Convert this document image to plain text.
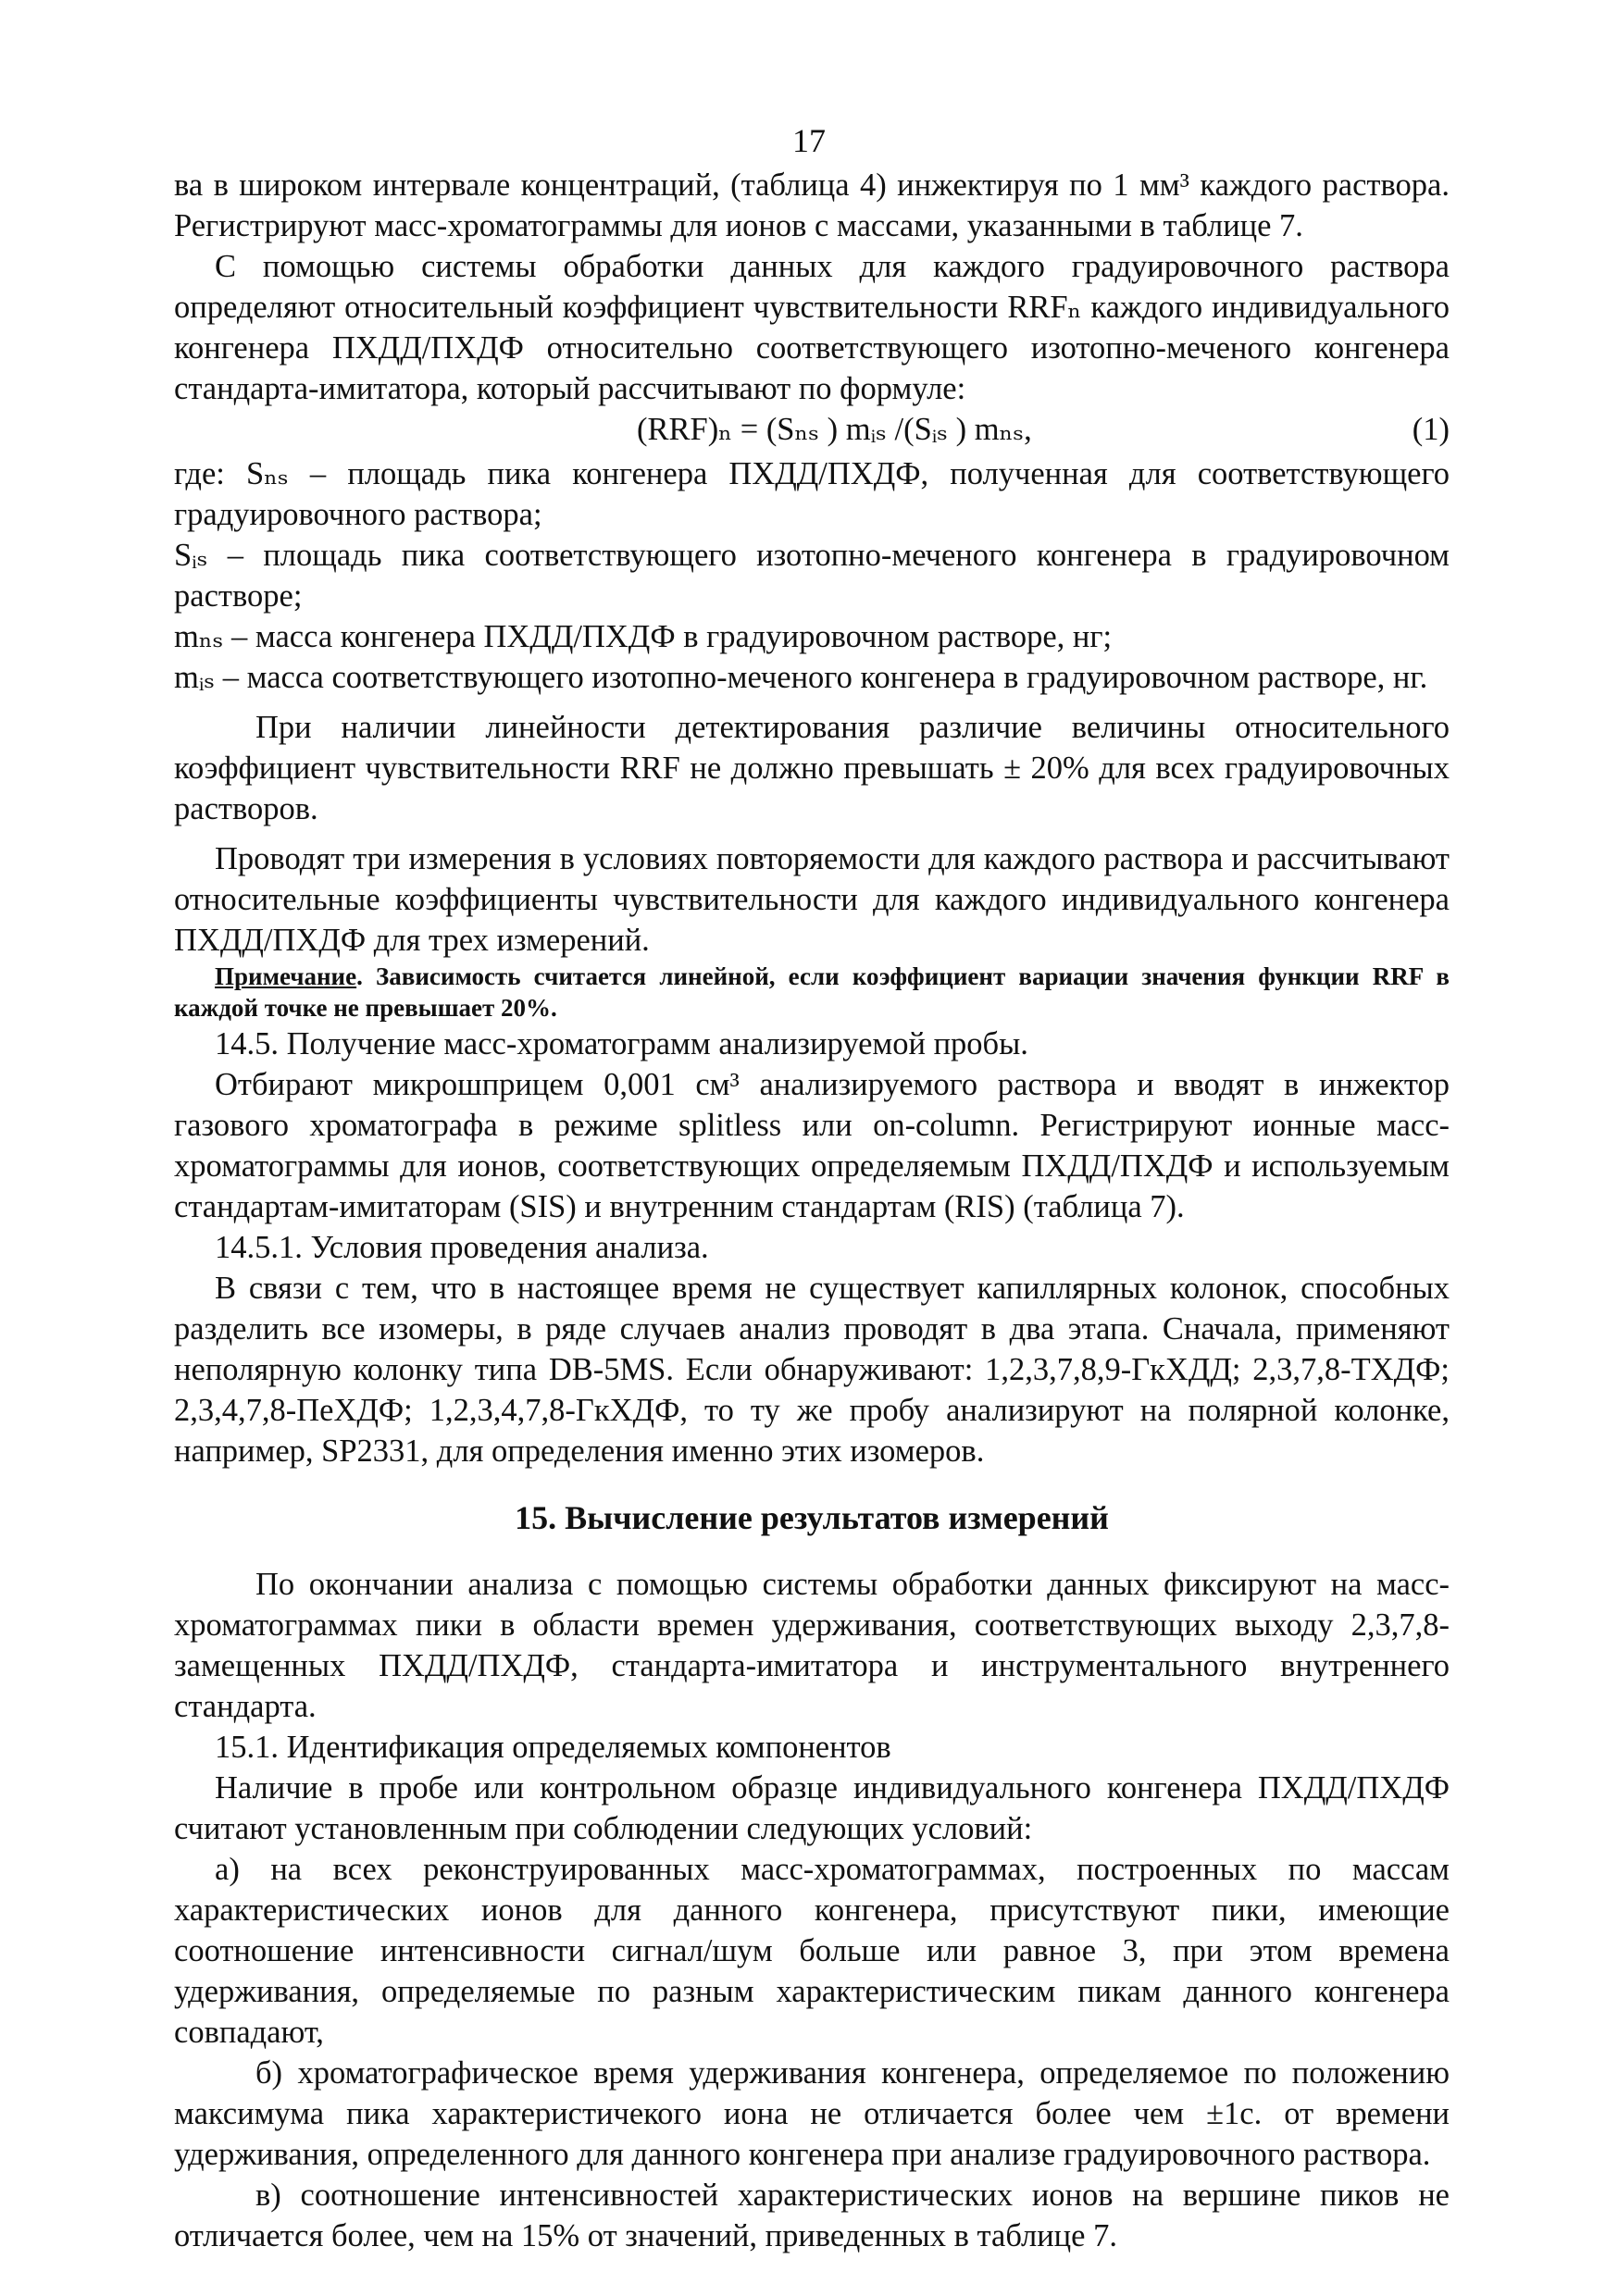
17

ва в широком интервале концентраций, (таблица 4) инжектируя по 1 мм³ каждого раствора. Регистрируют масс-хроматограммы для ионов с массами, указанными в таблице 7.

С помощью системы обработки данных для каждого градуировочного раствора определяют относительный коэффициент чувствительности RRFₙ каждого индивидуального конгенера ПХДД/ПХДФ относительно соответствующего изотопно-меченого конгенера стандарта-имитатора, который рассчитывают по формуле:

(RRF)ₙ = (Sₙₛ ) mᵢₛ /(Sᵢₛ ) mₙₛ,	(1)

где: Sₙₛ – площадь пика конгенера ПХДД/ПХДФ, полученная для соответствующего градуировочного раствора;

Sᵢₛ – площадь пика соответствующего изотопно-меченого конгенера в градуировочном растворе;

mₙₛ – масса конгенера ПХДД/ПХДФ в градуировочном растворе, нг;

mᵢₛ – масса соответствующего изотопно-меченого конгенера в градуировочном растворе, нг.

При наличии линейности детектирования различие величины относительного коэффициент чувствительности RRF не должно превышать ± 20% для всех градуировочных растворов.

Проводят три измерения в условиях повторяемости для каждого раствора и рассчитывают относительные коэффициенты чувствительности для каждого индивидуального конгенера ПХДД/ПХДФ для трех измерений.

Примечание. Зависимость считается линейной, если коэффициент вариации значения функции RRF в каждой точке не превышает 20%.

14.5. Получение масс-хроматограмм анализируемой пробы.

Отбирают микрошприцем 0,001 см³ анализируемого раствора и вводят в инжектор газового хроматографа в режиме splitless или on-column. Регистрируют ионные масс-хроматограммы для ионов, соответствующих определяемым ПХДД/ПХДФ и используемым стандартам-имитаторам (SIS) и внутренним стандартам (RIS) (таблица 7).

14.5.1. Условия проведения анализа.

В связи с тем, что в настоящее время не существует капиллярных колонок, способных разделить все изомеры, в ряде случаев анализ проводят в два этапа. Сначала, применяют неполярную колонку типа DB-5MS. Если обнаруживают: 1,2,3,7,8,9-ГкХДД; 2,3,7,8-ТХДФ; 2,3,4,7,8-ПеХДФ; 1,2,3,4,7,8-ГкХДФ, то ту же пробу анализируют на полярной колонке, например, SP2331, для определения именно этих изомеров.

15. Вычисление результатов измерений

По окончании анализа с помощью системы обработки данных фиксируют на масс-хроматограммах пики в области времен удерживания, соответствующих выходу 2,3,7,8-замещенных ПХДД/ПХДФ, стандарта-имитатора и инструментального внутреннего стандарта.

15.1. Идентификация определяемых компонентов

Наличие в пробе или контрольном образце индивидуального конгенера ПХДД/ПХДФ считают установленным при соблюдении следующих условий:

а) на всех реконструированных масс-хроматограммах, построенных по массам характеристических ионов для данного конгенера, присутствуют пики, имеющие соотношение интенсивности сигнал/шум больше или равное 3, при этом времена удерживания, определяемые по разным характеристическим пикам данного конгенера совпадают,

б) хроматографическое время удерживания конгенера, определяемое по положению максимума пика характеристичекого иона не отличается более чем ±1с. от времени удерживания, определенного для данного конгенера при анализе градуировочного раствора.

в) соотношение интенсивностей характеристических ионов на вершине пиков не отличается более, чем на 15% от значений, приведенных в таблице 7.
